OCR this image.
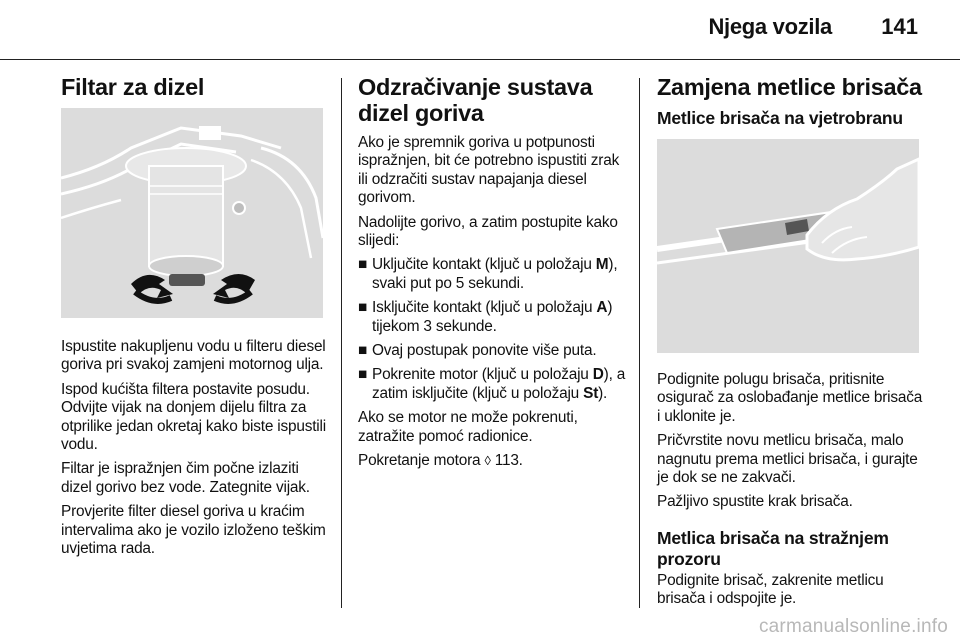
Njega vozila 141
Filtar za dizel

Ispustite nakupljenu vodu u filteru diesel goriva pri svakoj zamjeni motornog ulja.

Ispod kućišta filtera postavite posudu. Odvijte vijak na donjem dijelu filtra za otprilike jedan okretaj kako biste ispustili vodu.

Filtar je ispražnjen čim počne izlaziti dizel gorivo bez vode. Zategnite vijak.

Provjerite filter diesel goriva u kraćim intervalima ako je vozilo izloženo teškim uvjetima rada.

Odzračivanje sustava dizel goriva

Ako je spremnik goriva u potpunosti ispražnjen, bit će potrebno ispustiti zrak ili odzračiti sustav napajanja diesel gorivom.

Nadolijte gorivo, a zatim postupite kako slijedi:

■ Uključite kontakt (ključ u položaju M), svaki put po 5 sekundi.
■ Isključite kontakt (ključ u položaju A) tijekom 3 sekunde.
■ Ovaj postupak ponovite više puta.
■ Pokrenite motor (ključ u položaju D), a zatim isključite (ključ u položaju St).

Ako se motor ne može pokrenuti, zatražite pomoć radionice.

Pokretanje motora ◊ 113.

Zamjena metlice brisača
Metlice brisača na vjetrobranu

Podignite polugu brisača, pritisnite osigurač za oslobađanje metlice brisača i uklonite je.

Pričvrstite novu metlicu brisača, malo nagnutu prema metlici brisača, i gurajte je dok se ne zakvači.

Pažljivo spustite krak brisača.

Metlica brisača na stražnjem prozoru

Podignite brisač, zakrenite metlicu brisača i odspojite je.

carmanualsonline.info
